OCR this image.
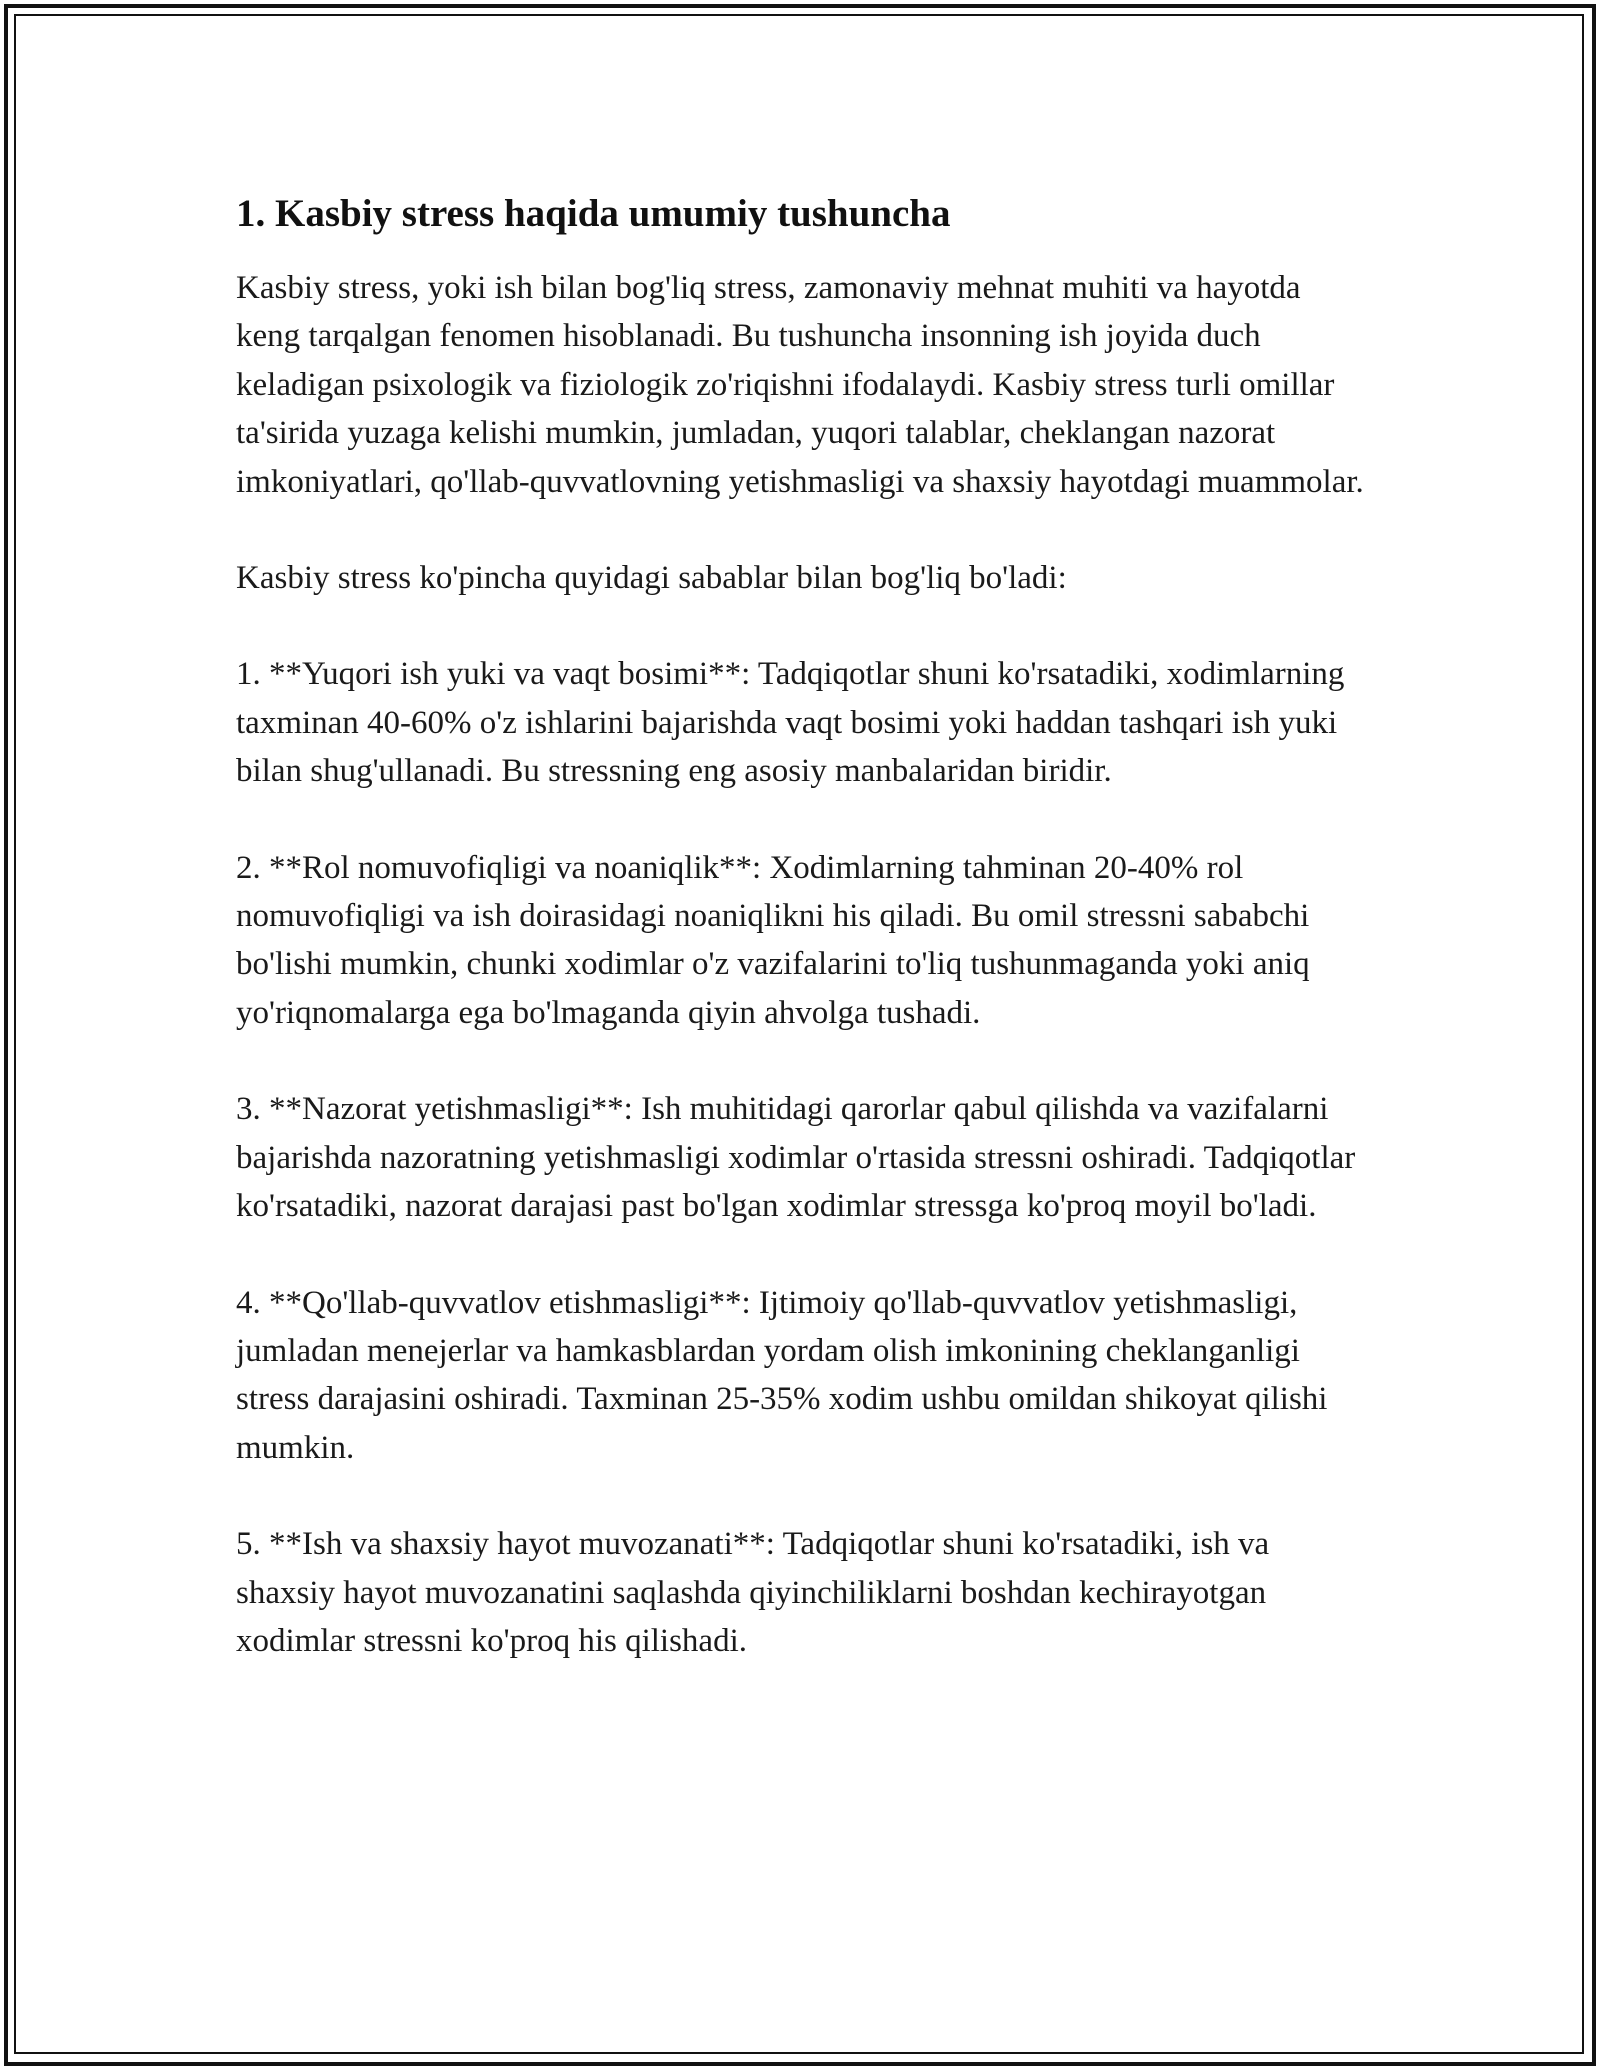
1. Kasbiy stress haqida umumiy tushuncha

Kasbiy stress, yoki ish bilan bog'liq stress, zamonaviy mehnat muhiti va hayotda keng tarqalgan fenomen hisoblanadi. Bu tushuncha insonning ish joyida duch keladigan psixologik va fiziologik zo'riqishni ifodalaydi. Kasbiy stress turli omillar ta'sirida yuzaga kelishi mumkin, jumladan, yuqori talablar, cheklangan nazorat imkoniyatlari, qo'llab-quvvatlovning yetishmasligi va shaxsiy hayotdagi muammolar.

Kasbiy stress ko'pincha quyidagi sabablar bilan bog'liq bo'ladi:

1. **Yuqori ish yuki va vaqt bosimi**: Tadqiqotlar shuni ko'rsatadiki, xodimlarning taxminan 40-60% o'z ishlarini bajarishda vaqt bosimi yoki haddan tashqari ish yuki bilan shug'ullanadi. Bu stressning eng asosiy manbalaridan biridir.

2. **Rol nomuvofiqligi va noaniqlik**: Xodimlarning tahminan 20-40% rol nomuvofiqligi va ish doirasidagi noaniqlikni his qiladi. Bu omil stressni sababchi bo'lishi mumkin, chunki xodimlar o'z vazifalarini to'liq tushunmaganda yoki aniq yo'riqnomalarga ega bo'lmaganda qiyin ahvolga tushadi.

3. **Nazorat yetishmasligi**: Ish muhitidagi qarorlar qabul qilishda va vazifalarni bajarishda nazoratning yetishmasligi xodimlar o'rtasida stressni oshiradi. Tadqiqotlar ko'rsatadiki, nazorat darajasi past bo'lgan xodimlar stressga ko'proq moyil bo'ladi.

4. **Qo'llab-quvvatlov etishmasligi**: Ijtimoiy qo'llab-quvvatlov yetishmasligi, jumladan menejerlar va hamkasblardan yordam olish imkonining cheklanganligi stress darajasini oshiradi. Taxminan 25-35% xodim ushbu omildan shikoyat qilishi mumkin.

5. **Ish va shaxsiy hayot muvozanati**: Tadqiqotlar shuni ko'rsatadiki, ish va shaxsiy hayot muvozanatini saqlashda qiyinchiliklarni boshdan kechirayotgan xodimlar stressni ko'proq his qilishadi.
